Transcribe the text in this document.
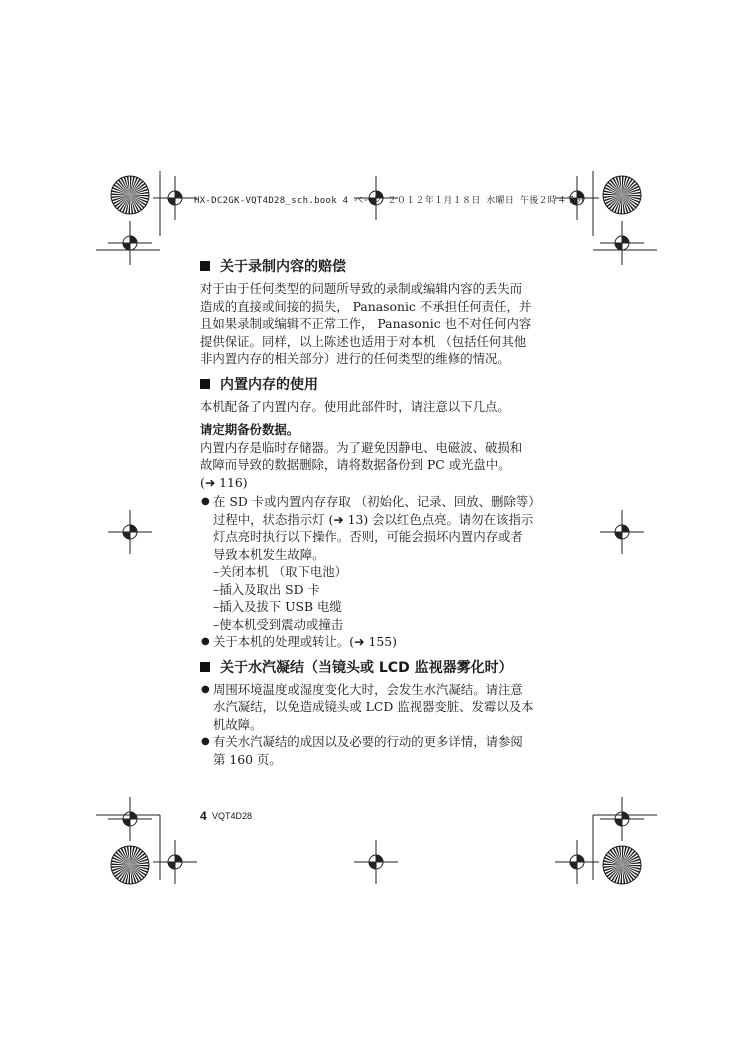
HX-DC2GK-VQT4D28_sch.book 4 ページ ２０１２年１月１８日 水曜日 午後２時４７分
关于录制内容的赔偿
对于由于任何类型的问题所导致的录制或编辑内容的丢失而
造成的直接或间接的损失， Panasonic 不承担任何责任，并
且如果录制或编辑不正常工作， Panasonic 也不对任何内容
提供保证。同样，以上陈述也适用于对本机 （包括任何其他
非内置内存的相关部分）进行的任何类型的维修的情况。
内置内存的使用
本机配备了内置内存。使用此部件时，请注意以下几点。
请定期备份数据。
内置内存是临时存储器。为了避免因静电、电磁波、破损和
故障而导致的数据删除，请将数据备份到 PC 或光盘中。
(➜ 116)
● 在 SD 卡或内置内存存取 （初始化、记录、回放、删除等）
过程中，状态指示灯 (➜ 13) 会以红色点亮。请勿在该指示
灯点亮时执行以下操作。否则，可能会损坏内置内存或者
导致本机发生故障。
–关闭本机 （取下电池）
–插入及取出 SD 卡
–插入及拔下 USB 电缆
–使本机受到震动或撞击
● 关于本机的处理或转让。(➜ 155)
关于水汽凝结（当镜头或 LCD 监视器雾化时）
● 周围环境温度或湿度变化大时，会发生水汽凝结。请注意
水汽凝结，以免造成镜头或 LCD 监视器变脏、发霉以及本
机故障。
● 有关水汽凝结的成因以及必要的行动的更多详情，请参阅
第 160 页。
4 VQT4D28
